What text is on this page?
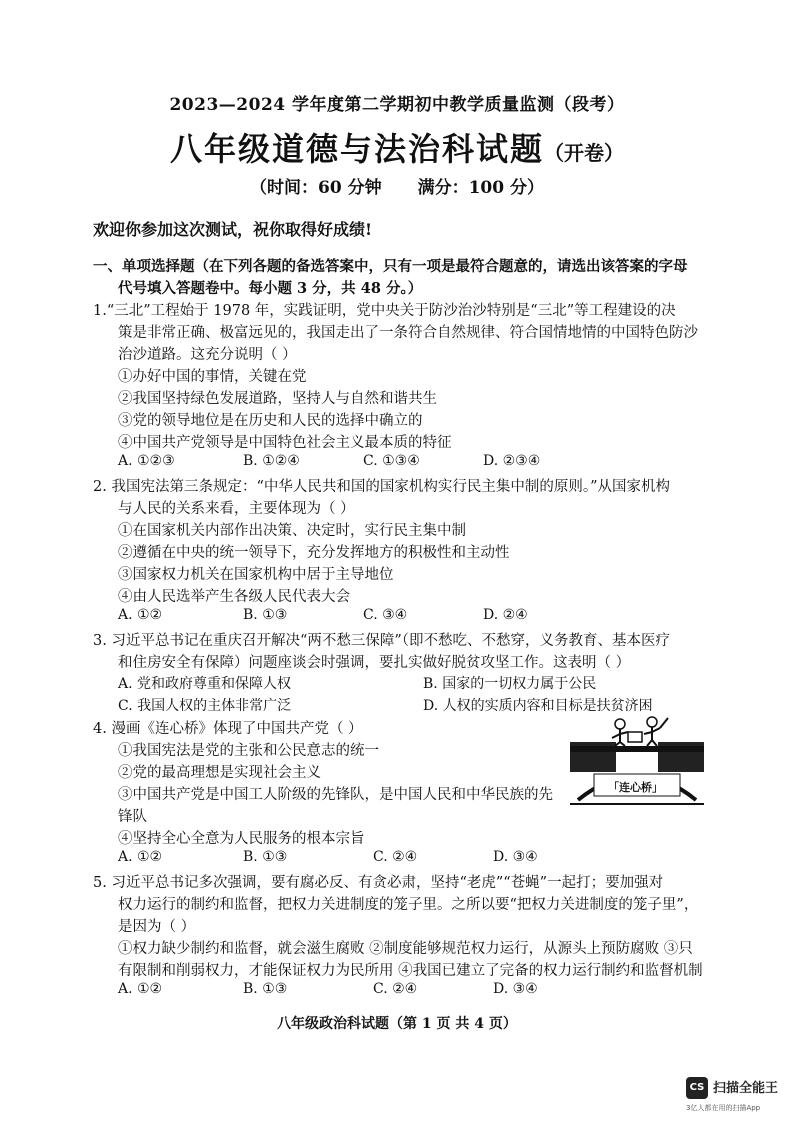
2023—2024 学年度第二学期初中教学质量监测（段考）
八年级道德与法治科试题（开卷）
（时间：60 分钟 满分：100 分）
欢迎你参加这次测试，祝你取得好成绩!
一、单项选择题（在下列各题的备选答案中，只有一项是最符合题意的，请选出该答案的字母
代号填入答题卷中。每小题 3 分，共 48 分。）
1.“三北”工程始于 1978 年，实践证明，党中央关于防沙治沙特别是“三北”等工程建设的决
策是非常正确、极富远见的，我国走出了一条符合自然规律、符合国情地情的中国特色防沙
治沙道路。这充分说明（ ）
①办好中国的事情，关键在党
②我国坚持绿色发展道路，坚持人与自然和谐共生
③党的领导地位是在历史和人民的选择中确立的
④中国共产党领导是中国特色社会主义最本质的特征
A. ①②③	B. ①②④	C. ①③④	D. ②③④
2. 我国宪法第三条规定：“中华人民共和国的国家机构实行民主集中制的原则。”从国家机构
与人民的关系来看，主要体现为（ ）
①在国家机关内部作出决策、决定时，实行民主集中制
②遵循在中央的统一领导下，充分发挥地方的积极性和主动性
③国家权力机关在国家机构中居于主导地位
④由人民选举产生各级人民代表大会
A. ①②	B. ①③	C. ③④	D. ②④
3. 习近平总书记在重庆召开解决“两不愁三保障”（即不愁吃、不愁穿，义务教育、基本医疗
和住房安全有保障）问题座谈会时强调，要扎实做好脱贫攻坚工作。这表明（ ）
A. 党和政府尊重和保障人权	B. 国家的一切权力属于公民
C. 我国人权的主体非常广泛	D. 人权的实质内容和目标是扶贫济困
4. 漫画《连心桥》体现了中国共产党（ ）
①我国宪法是党的主张和公民意志的统一
②党的最高理想是实现社会主义
③中国共产党是中国工人阶级的先锋队，是中国人民和中华民族的先
锋队
④坚持全心全意为人民服务的根本宗旨
A. ①②	B. ①③	C. ②④	D. ③④
「连心桥」
5. 习近平总书记多次强调，要有腐必反、有贪必肃，坚持“老虎”“苍蝇”一起打；要加强对
权力运行的制约和监督，把权力关进制度的笼子里。之所以要“把权力关进制度的笼子里”，
是因为（ ）
①权力缺少制约和监督，就会滋生腐败 ②制度能够规范权力运行，从源头上预防腐败 ③只
有限制和削弱权力，才能保证权力为民所用 ④我国已建立了完备的权力运行制约和监督机制
A. ①②	B. ①③	C. ②④	D. ③④
八年级政治科试题（第 1 页 共 4 页）
CS 扫描全能王
3亿人都在用的扫描App
